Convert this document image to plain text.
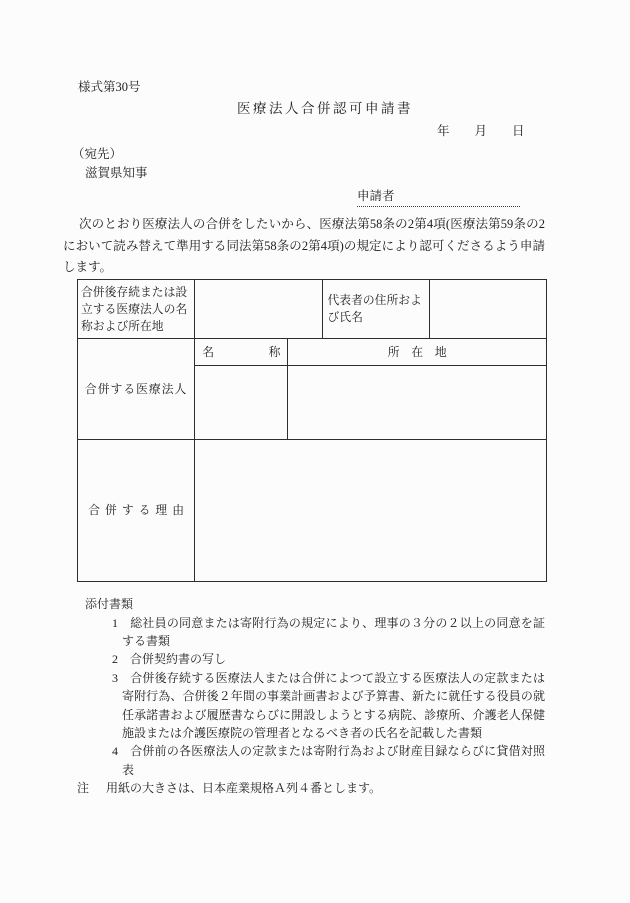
様式第30号
医療法人合併認可申請書
年　　月　　日
（宛先）
滋賀県知事
申請者

次のとおり医療法人の合併をしたいから、医療法第58条の2第4項(医療法第59条の2において読み替えて準用する同法第58条の2第4項)の規定により認可くださるよう申請します。

合併後存続または設立する医療法人の名称および所在地			代表者の住所および氏名	
合併する医療法人	名　称	所　在　地		

合併する理由				
添付書類
1 総社員の同意または寄附行為の規定により、理事の３分の２以上の同意を証する書類
2 合併契約書の写し
3 合併後存続する医療法人または合併によつて設立する医療法人の定款または寄附行為、合併後２年間の事業計画書および予算書、新たに就任する役員の就任承諾書および履歴書ならびに開設しようとする病院、診療所、介護老人保健施設または介護医療院の管理者となるべき者の氏名を記載した書類
4 合併前の各医療法人の定款または寄附行為および財産目録ならびに貸借対照表
注 用紙の大きさは、日本産業規格Ａ列４番とします。
